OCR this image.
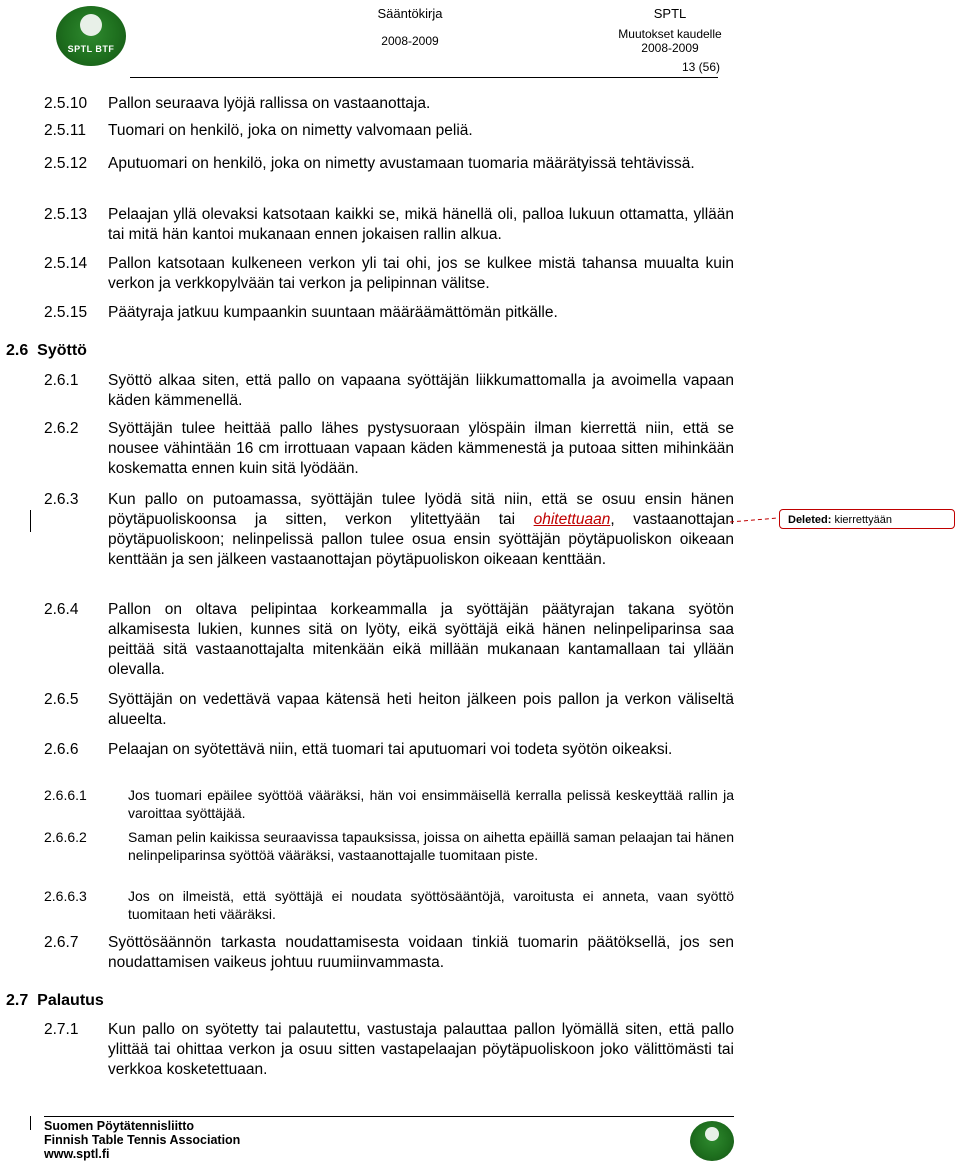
SPTL BTF
Sääntökirja
2008-2009
SPTL
Muutokset kaudelle
2008-2009
13 (56)
2.5.10 Pallon seuraava lyöjä rallissa on vastaanottaja.
2.5.11 Tuomari on henkilö, joka on nimetty valvomaan peliä.
2.5.12 Aputuomari on henkilö, joka on nimetty avustamaan tuomaria määrätyissä tehtävissä.
2.5.13 Pelaajan yllä olevaksi katsotaan kaikki se, mikä hänellä oli, palloa lukuun ottamatta, yllään tai mitä hän kantoi mukanaan ennen jokaisen rallin alkua.
2.5.14 Pallon katsotaan kulkeneen verkon yli tai ohi, jos se kulkee mistä tahansa muualta kuin verkon ja verkkopylvään tai verkon ja pelipinnan välitse.
2.5.15 Päätyraja jatkuu kumpaankin suuntaan määräämättömän pitkälle.
2.6 Syöttö
2.6.1 Syöttö alkaa siten, että pallo on vapaana syöttäjän liikkumattomalla ja avoimella vapaan käden kämmenellä.
2.6.2 Syöttäjän tulee heittää pallo lähes pystysuoraan ylöspäin ilman kierrettä niin, että se nousee vähintään 16 cm irrottuaan vapaan käden kämmenestä ja putoaa sitten mihinkään koskematta ennen kuin sitä lyödään.
2.6.3 Kun pallo on putoamassa, syöttäjän tulee lyödä sitä niin, että se osuu ensin hänen pöytäpuoliskoonsa ja sitten, verkon ylitettyään tai ohitettuaan, vastaanottajan pöytäpuoliskoon; nelinpelissä pallon tulee osua ensin syöttäjän pöytäpuoliskon oikeaan kenttään ja sen jälkeen vastaanottajan pöytäpuoliskon oikeaan kenttään.
Deleted: kierrettyään
2.6.4 Pallon on oltava pelipintaa korkeammalla ja syöttäjän päätyrajan takana syötön alkamisesta lukien, kunnes sitä on lyöty, eikä syöttäjä eikä hänen nelinpeliparinsa saa peittää sitä vastaanottajalta mitenkään eikä millään mukanaan kantamallaan tai yllään olevalla.
2.6.5 Syöttäjän on vedettävä vapaa kätensä heti heiton jälkeen pois pallon ja verkon väliseltä alueelta.
2.6.6 Pelaajan on syötettävä niin, että tuomari tai aputuomari voi todeta syötön oikeaksi.
2.6.6.1	Jos tuomari epäilee syöttöä vääräksi, hän voi ensimmäisellä kerralla pelissä keskeyttää rallin ja varoittaa syöttäjää.
2.6.6.2	Saman pelin kaikissa seuraavissa tapauksissa, joissa on aihetta epäillä saman pelaajan tai hänen nelinpeliparinsa syöttöä vääräksi, vastaanottajalle tuomitaan piste.
2.6.6.3	Jos on ilmeistä, että syöttäjä ei noudata syöttösääntöjä, varoitusta ei anneta, vaan syöttö tuomitaan heti vääräksi.
2.6.7 Syöttösäännön tarkasta noudattamisesta voidaan tinkiä tuomarin päätöksellä, jos sen noudattamisen vaikeus johtuu ruumiinvammasta.
2.7 Palautus
2.7.1 Kun pallo on syötetty tai palautettu, vastustaja palauttaa pallon lyömällä siten, että pallo ylittää tai ohittaa verkon ja osuu sitten vastapelaajan pöytäpuoliskoon joko välittömästi tai verkkoa kosketettuaan.
Suomen Pöytätennisliitto
Finnish Table Tennis Association
www.sptl.fi
